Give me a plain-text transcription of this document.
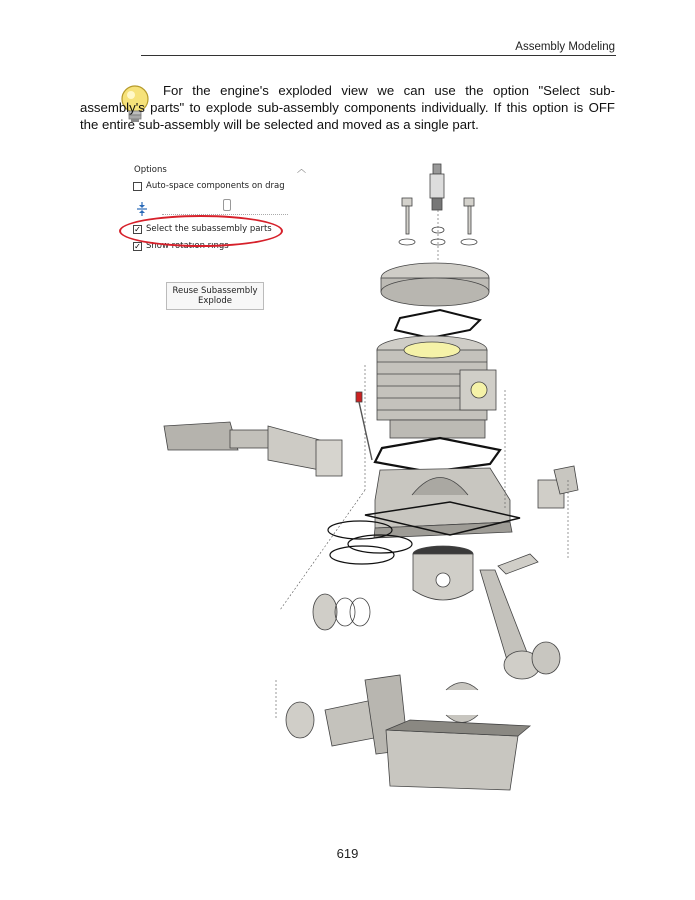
Assembly Modeling
For the engine's exploded view we can use the option "Select sub-assembly's parts" to explode sub-assembly components individually. If this option is OFF the entire sub-assembly will be selected and moved as a single part.
Options	︿
Auto-space components on drag
✓ Select the subassembly parts
✓ Show rotation rings
Reuse Subassembly
Explode
619
